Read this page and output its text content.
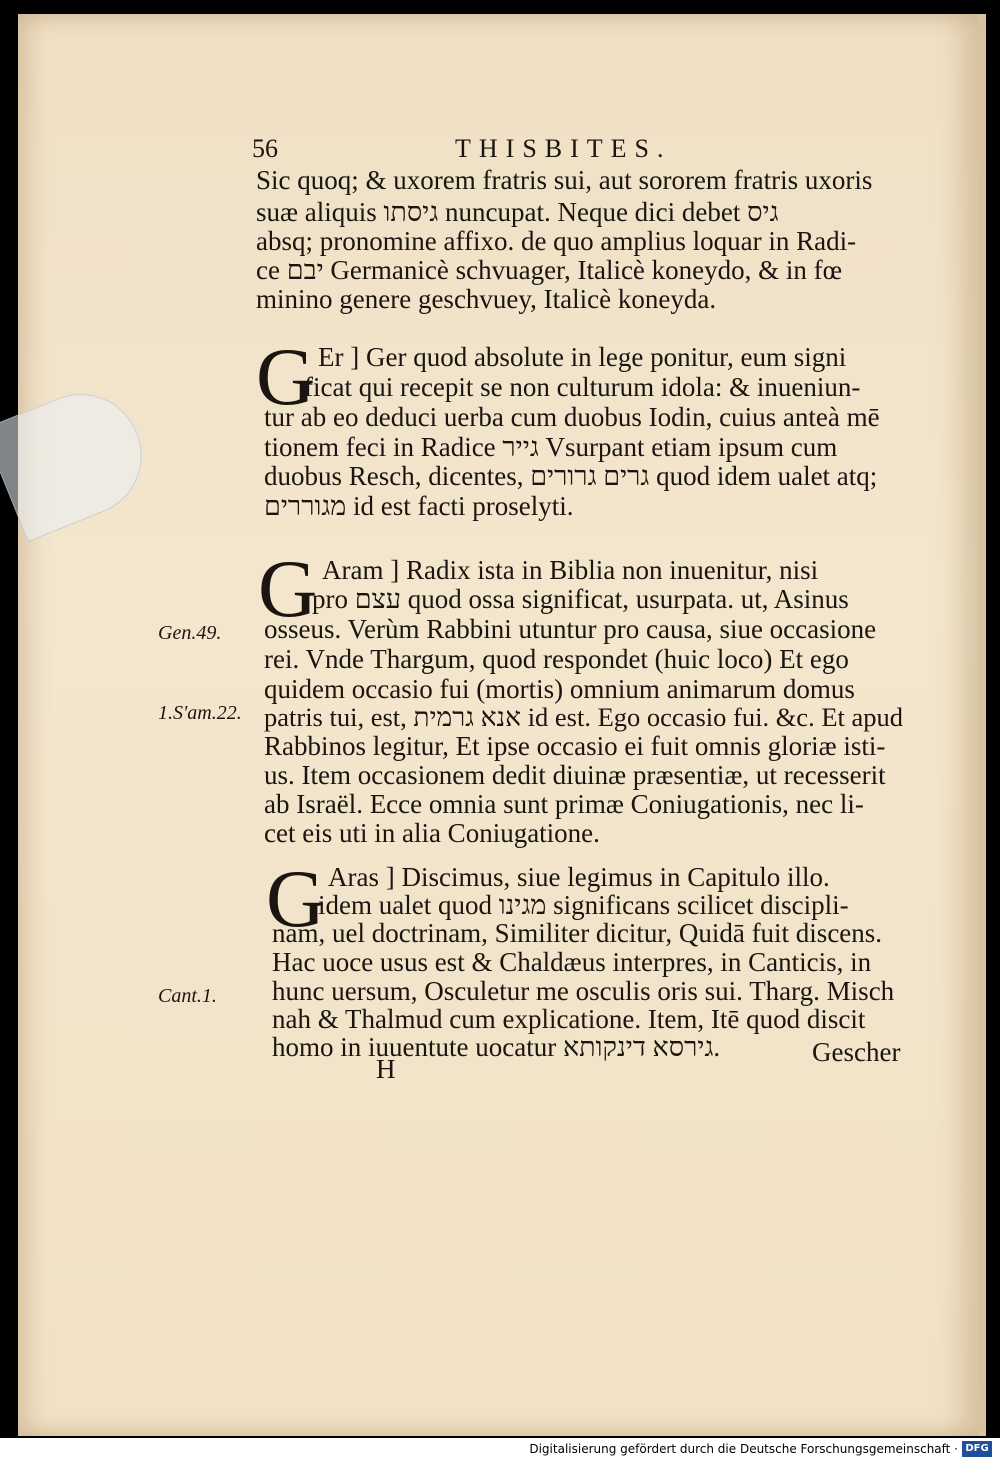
56	THISBITES.
Gen.49.
1.S'am.22.
Cant.1.
Sic quoq; & uxorem fratris sui, aut sororem fratris uxoris
suæ aliquis גיסתו nuncupat. Neque dici debet גיס
absq; pronomine affixo. de quo amplius loquar in Radi-
ce יבם Germanicè schvuager, Italicè koneydo, & in fœ
minino genere geschvuey, Italicè koneyda.
G Er ] Ger quod absolute in lege ponitur, eum signi
ficat qui recepit se non culturum idola: & inueniun-
tur ab eo deduci uerba cum duobus Iodin, cuius anteà mē
tionem feci in Radice גייר Vsurpant etiam ipsum cum
duobus Resch, dicentes, גרים גרורים quod idem ualet atq;
מגוררים id est facti proselyti.
G Aram ] Radix ista in Biblia non inuenitur, nisi
pro עצם quod ossa significat, usurpata. ut, Asinus
osseus. Verùm Rabbini utuntur pro causa, siue occasione
rei. Vnde Thargum, quod respondet (huic loco) Et ego
quidem occasio fui (mortis) omnium animarum domus
patris tui, est, אנא גרמית id est. Ego occasio fui. &c. Et apud
Rabbinos legitur, Et ipse occasio ei fuit omnis gloriæ isti-
us. Item occasionem dedit diuinæ præsentiæ, ut recesserit
ab Israël. Ecce omnia sunt primæ Coniugationis, nec li-
cet eis uti in alia Coniugatione.
G Aras ] Discimus, siue legimus in Capitulo illo.
idem ualet quod מגינו significans scilicet discipli-
nam, uel doctrinam, Similiter dicitur, Quidā fuit discens.
Hac uoce usus est & Chaldæus interpres, in Canticis, in
hunc uersum, Osculetur me osculis oris sui. Tharg. Misch
nah & Thalmud cum explicatione. Item, Itē quod discit
homo in iuuentute uocatur גירסא דינקותא.
H
Gescher
Digitalisierung gefördert durch die Deutsche Forschungsgemeinschaft · DFG
